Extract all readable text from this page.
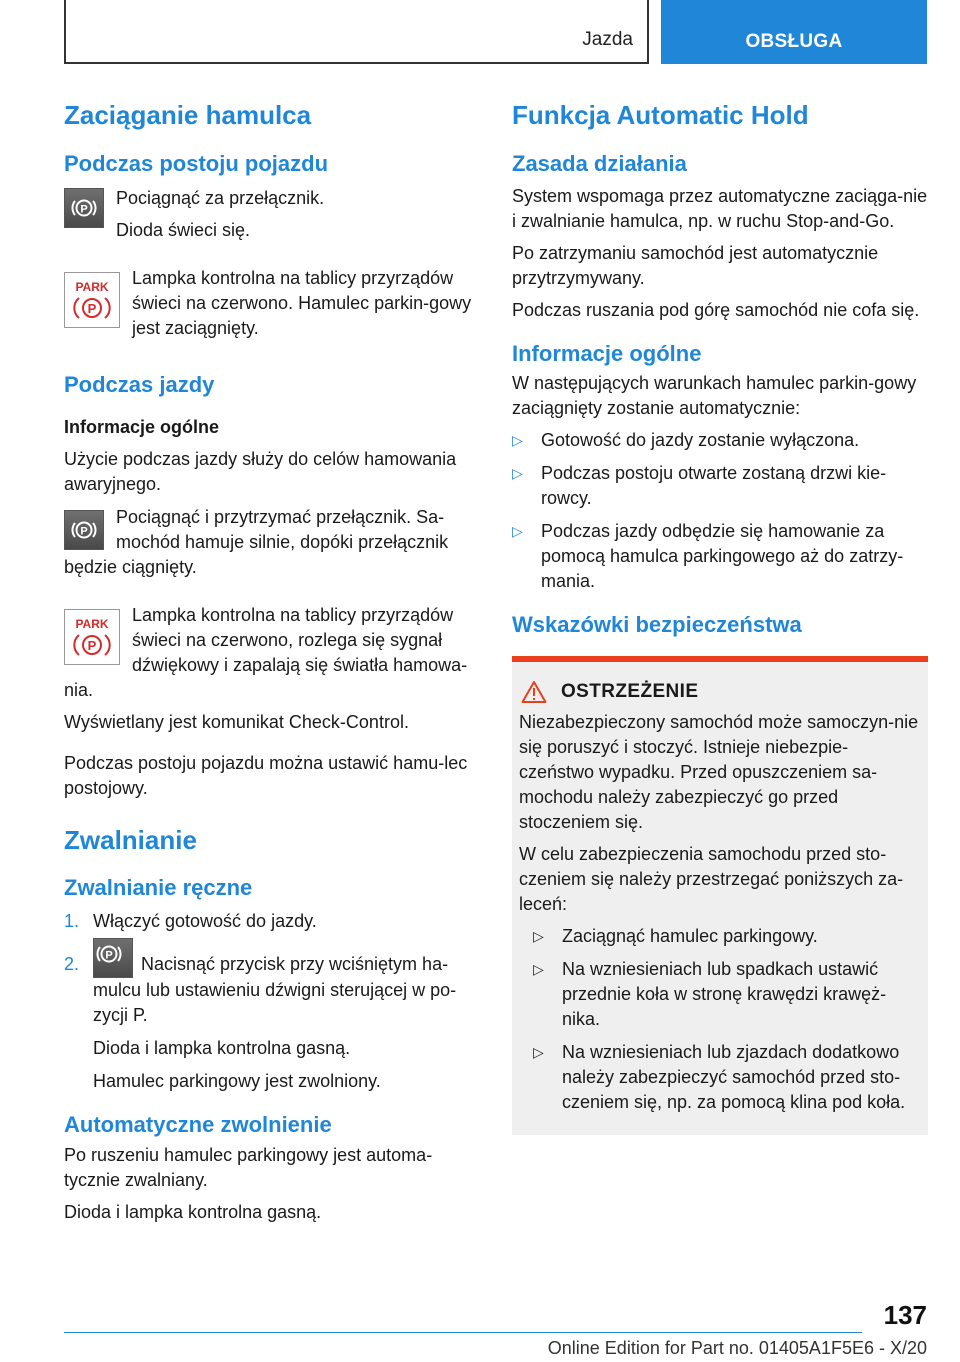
Jazda	OBSŁUGA
Zaciąganie hamulca
Podczas postoju pojazdu
P

Pociągnąć za przełącznik.

Dioda świeci się.

PARK
P

Lampka kontrolna na tablicy przyrządów świeci na czerwono. Hamulec parkin-gowy jest zaciągnięty.

Podczas jazdy
Informacje ogólne

Użycie podczas jazdy służy do celów hamowania awaryjnego.

P

Pociągnąć i przytrzymać przełącznik. Sa-mochód hamuje silnie, dopóki przełącznik będzie ciągnięty.

PARK
P

Lampka kontrolna na tablicy przyrządów świeci na czerwono, rozlega się sygnał dźwiękowy i zapalają się światła hamowa-nia.

Wyświetlany jest komunikat Check-Control.

Podczas postoju pojazdu można ustawić hamu-lec postojowy.

Zwalnianie
Zwalnianie ręczne
1. Włączyć gotowość do jazdy.
2. P Nacisnąć przycisk przy wciśniętym ha-mulcu lub ustawieniu dźwigni sterującej w po-zycji P.

Dioda i lampka kontrolna gasną.

Hamulec parkingowy jest zwolniony.

Automatyczne zwolnienie

Po ruszeniu hamulec parkingowy jest automa-tycznie zwalniany.

Dioda i lampka kontrolna gasną.

Funkcja Automatic Hold
Zasada działania

System wspomaga przez automatyczne zaciąga-nie i zwalnianie hamulca, np. w ruchu Stop-and-Go.

Po zatrzymaniu samochód jest automatycznie przytrzymywany.

Podczas ruszania pod górę samochód nie cofa się.

Informacje ogólne

W następujących warunkach hamulec parkin-gowy zaciągnięty zostanie automatycznie:

▷ Gotowość do jazdy zostanie wyłączona.
▷ Podczas postoju otwarte zostaną drzwi kie-rowcy.
▷ Podczas jazdy odbędzie się hamowanie za pomocą hamulca parkingowego aż do zatrzy-mania.
Wskazówki bezpieczeństwa
OSTRZEŻENIE

Niezabezpieczony samochód może samoczyn-nie się poruszyć i stoczyć. Istnieje niebezpie-czeństwo wypadku. Przed opuszczeniem sa-mochodu należy zabezpieczyć go przed stoczeniem się.

W celu zabezpieczenia samochodu przed sto-czeniem się należy przestrzegać poniższych za-leceń:

▷ Zaciągnąć hamulec parkingowy.
▷ Na wzniesieniach lub spadkach ustawić przednie koła w stronę krawędzi krawęż-nika.
▷ Na wzniesieniach lub zjazdach dodatkowo należy zabezpieczyć samochód przed sto-czeniem się, np. za pomocą klina pod koła.
137
Online Edition for Part no. 01405A1F5E6 - X/20
